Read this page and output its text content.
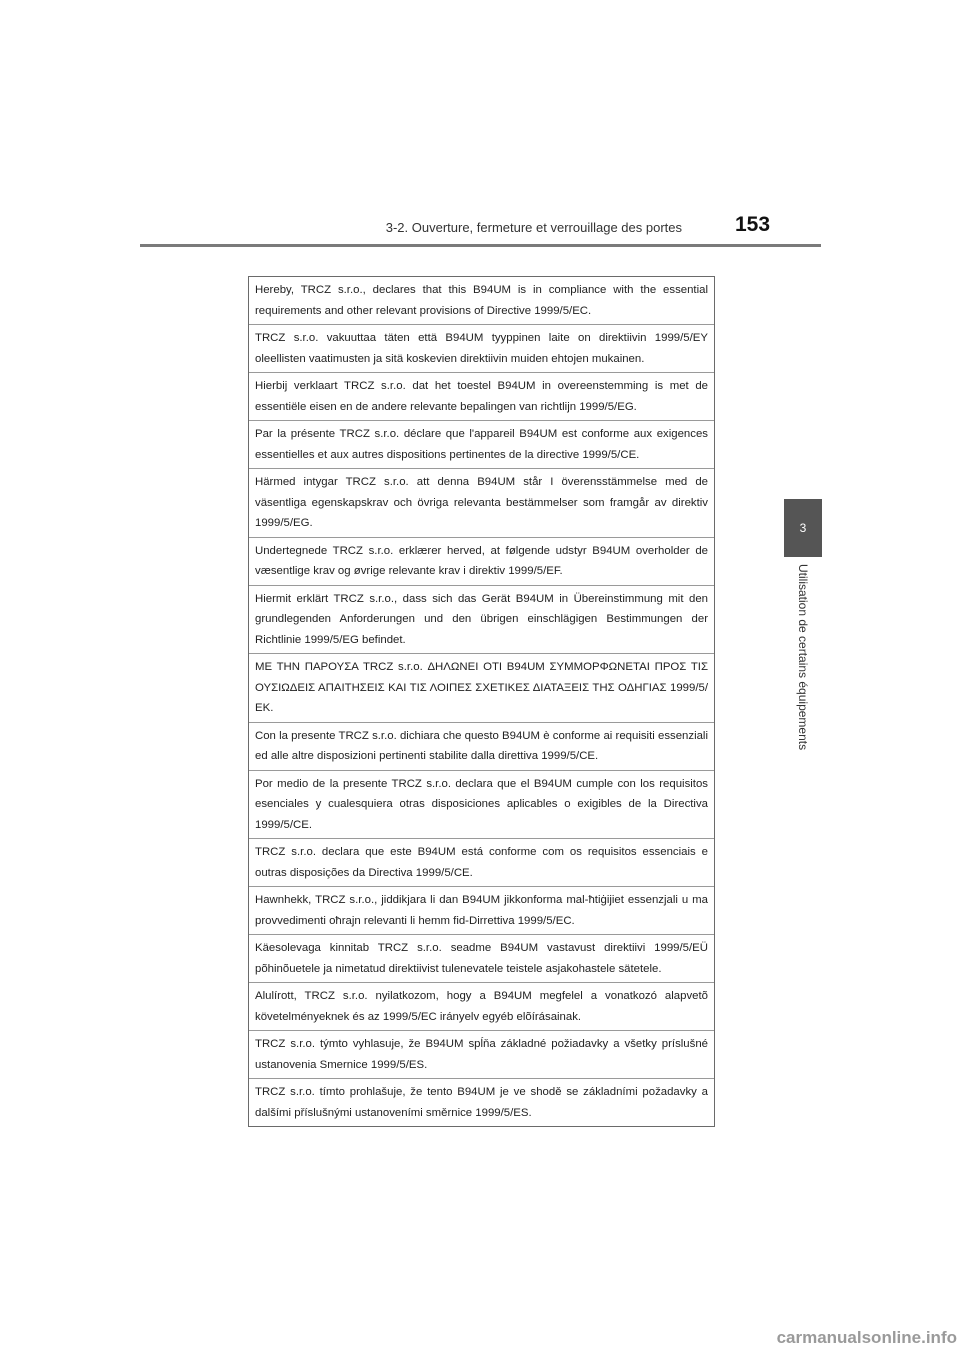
3-2. Ouverture, fermeture et verrouillage des portes	153
3
Utilisation de certains équipements
Hereby, TRCZ s.r.o., declares that this B94UM is in compliance with the essential requirements and other relevant provisions of Directive 1999/5/EC.
TRCZ s.r.o. vakuuttaa täten että B94UM tyyppinen laite on direktiivin 1999/5/EY oleellisten vaatimusten ja sitä koskevien direktiivin muiden ehtojen mukainen.
Hierbij verklaart TRCZ s.r.o. dat het toestel B94UM in overeenstemming is met de essentiële eisen en de andere relevante bepalingen van richtlijn 1999/5/EG.
Par la présente TRCZ s.r.o. déclare que l'appareil B94UM est conforme aux exigences essentielles et aux autres dispositions pertinentes de la directive 1999/5/CE.
Härmed intygar TRCZ s.r.o. att denna B94UM står I överensstämmelse med de väsentliga egenskapskrav och övriga relevanta bestämmelser som framgår av direktiv 1999/5/EG.
Undertegnede TRCZ s.r.o. erklærer herved, at følgende udstyr B94UM overholder de væsentlige krav og øvrige relevante krav i direktiv 1999/5/EF.
Hiermit erklärt TRCZ s.r.o., dass sich das Gerät B94UM in Übereinstimmung mit den grundlegenden Anforderungen und den übrigen einschlägigen Bestimmungen der Richtlinie 1999/5/EG befindet.
ΜΕ ΤΗΝ ΠΑΡΟΥΣΑ TRCZ s.r.o. ΔΗΛΩΝΕΙ ΟΤΙ B94UM ΣΥΜΜΟΡΦΩΝΕΤΑΙ ΠΡΟΣ ΤΙΣ ΟΥΣΙΩΔΕΙΣ ΑΠΑΙΤΗΣΕΙΣ ΚΑΙ ΤΙΣ ΛΟΙΠΕΣ ΣΧΕΤΙΚΕΣ ΔΙΑΤΑΞΕΙΣ ΤΗΣ ΟΔΗΓΙΑΣ 1999/5/ΕΚ.
Con la presente TRCZ s.r.o. dichiara che questo B94UM è conforme ai requisiti essenziali ed alle altre disposizioni pertinenti stabilite dalla direttiva 1999/5/CE.
Por medio de la presente TRCZ s.r.o. declara que el B94UM cumple con los requisitos esenciales y cualesquiera otras disposiciones aplicables o exigibles de la Directiva 1999/5/CE.
TRCZ s.r.o. declara que este B94UM está conforme com os requisitos essenciais e outras disposições da Directiva 1999/5/CE.
Hawnhekk, TRCZ s.r.o., jiddikjara li dan B94UM jikkonforma mal-ħtiġijiet essenzjali u ma provvedimenti oħrajn relevanti li hemm fid-Dirrettiva 1999/5/EC.
Käesolevaga kinnitab TRCZ s.r.o. seadme B94UM vastavust direktiivi 1999/5/EÜ põhinõuetele ja nimetatud direktiivist tulenevatele teistele asjakohastele sätetele.
Alulírott, TRCZ s.r.o. nyilatkozom, hogy a B94UM megfelel a vonatkozó alapvetõ követelményeknek és az 1999/5/EC irányelv egyéb elõírásainak.
TRCZ s.r.o. týmto vyhlasuje, že B94UM spĺňa základné požiadavky a všetky príslušné ustanovenia Smernice 1999/5/ES.
TRCZ s.r.o. tímto prohlašuje, že tento B94UM je ve shodě se základními požadavky a dalšími příslušnými ustanoveními směrnice 1999/5/ES.
carmanualsonline.info
